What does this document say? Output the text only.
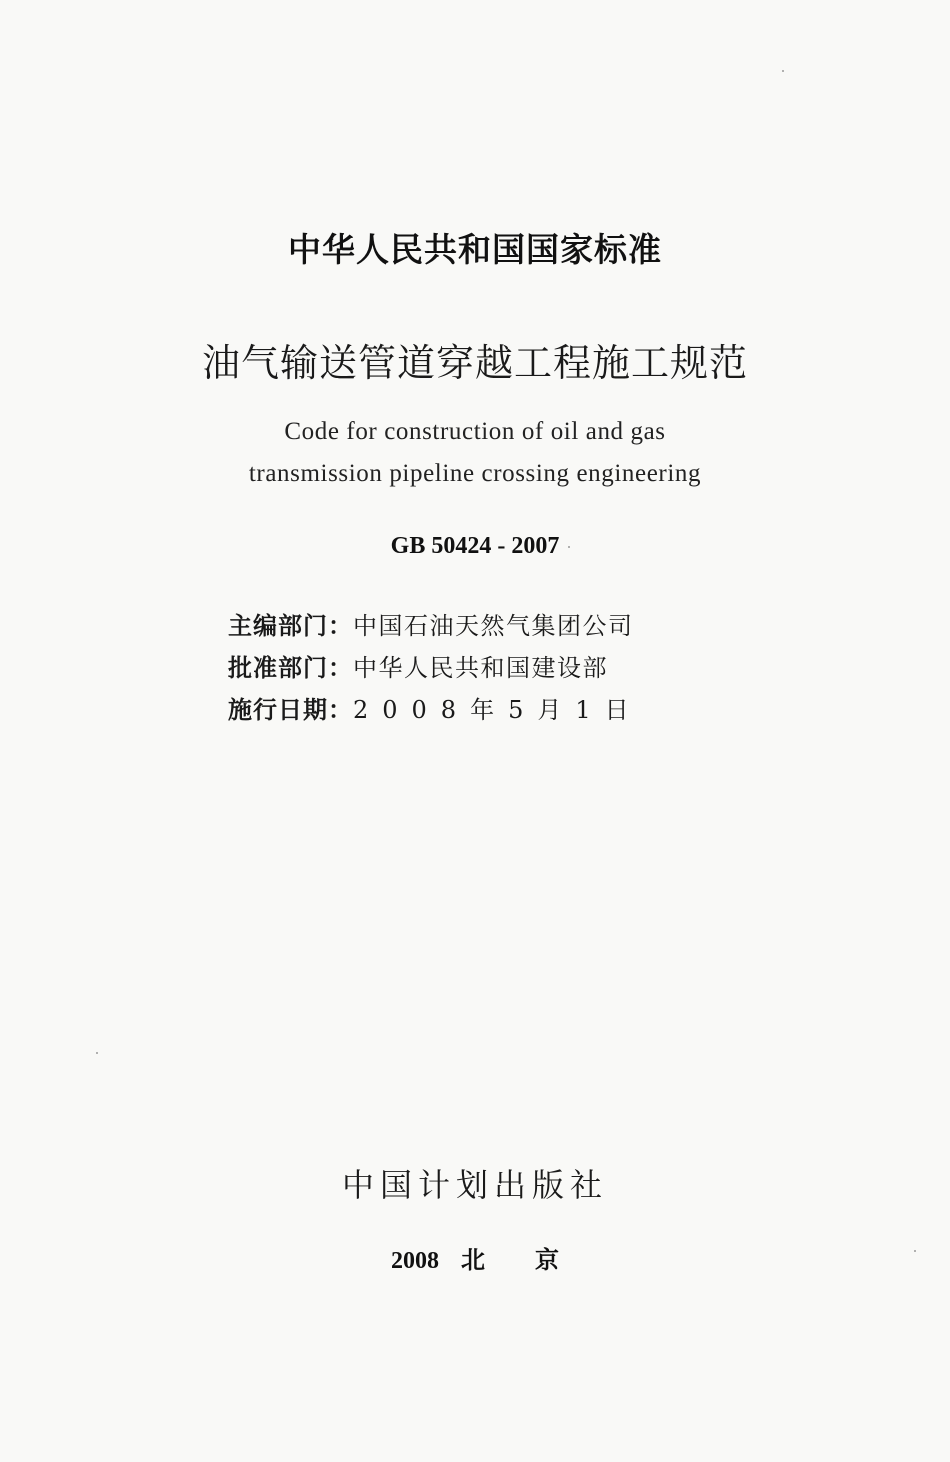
中华人民共和国国家标准
油气输送管道穿越工程施工规范
Code for construction of oil and gas
transmission pipeline crossing engineering
GB 50424 - 2007
主编部门：中国石油天然气集团公司
批准部门：中华人民共和国建设部
施行日期：2008年5月1日
中国计划出版社
2008 北 京
